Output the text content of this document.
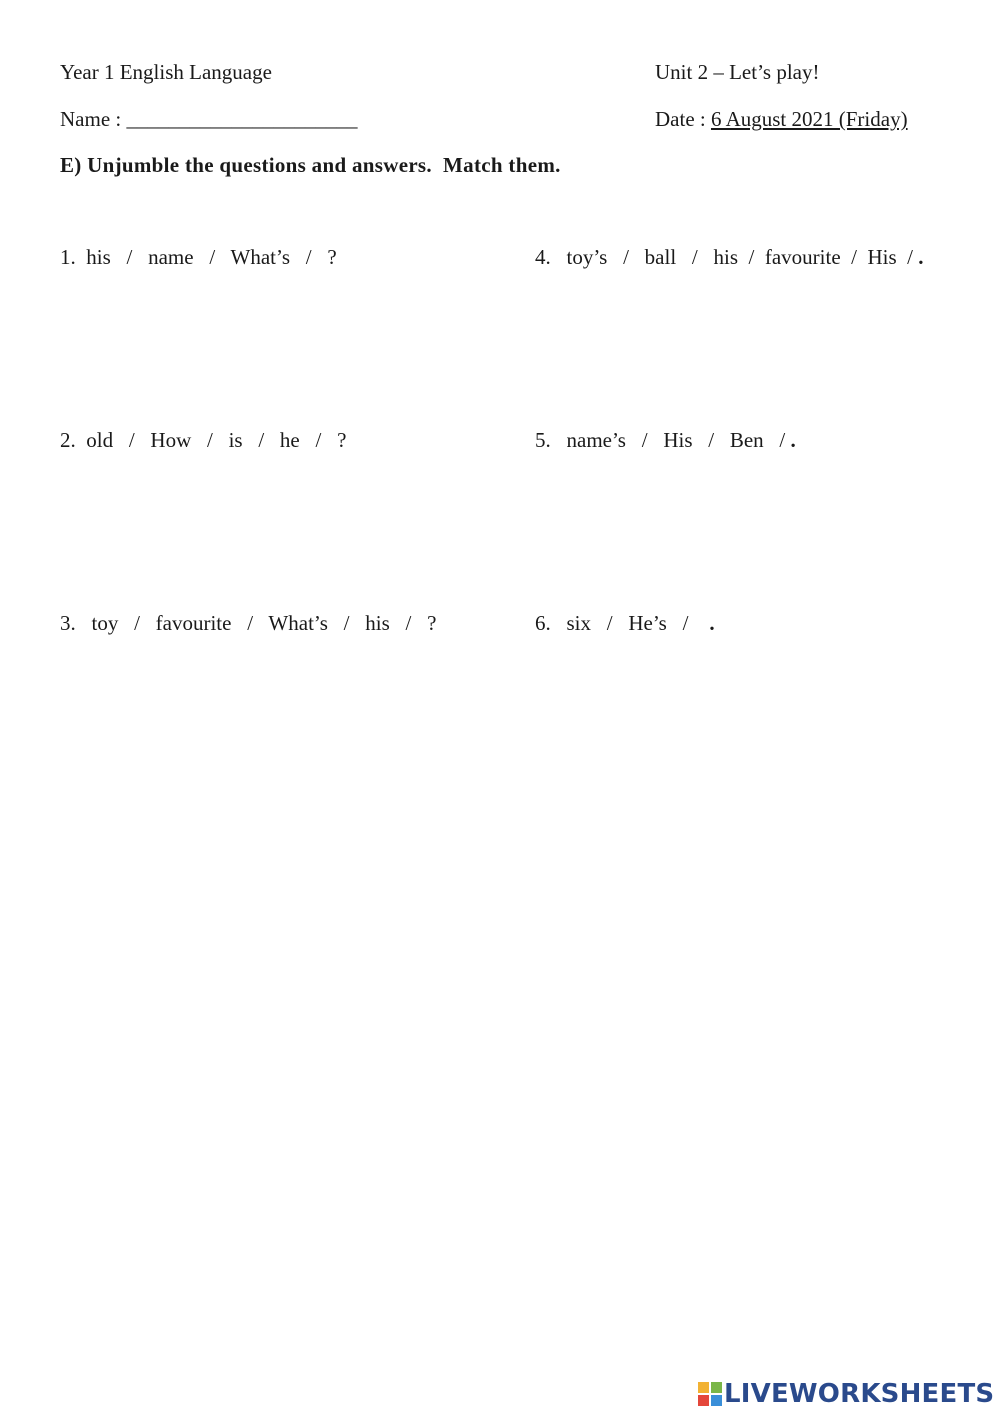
Year 1 English Language	Unit 2 – Let’s play!
Name : ______________________	Date : 6 August 2021 (Friday)
E) Unjumble the questions and answers.  Match them.
1.  his   /   name   /   What’s   /   ?
2.  old   /   How   /   is   /   he   /   ?
3.   toy   /   favourite   /   What’s   /   his   /   ?
4.   toy’s   /   ball   /   his  /  favourite  /  His  / .
5.   name’s   /   His   /   Ben   / .
6.   six   /   He’s   /    .
LIVEWORKSHEETS
